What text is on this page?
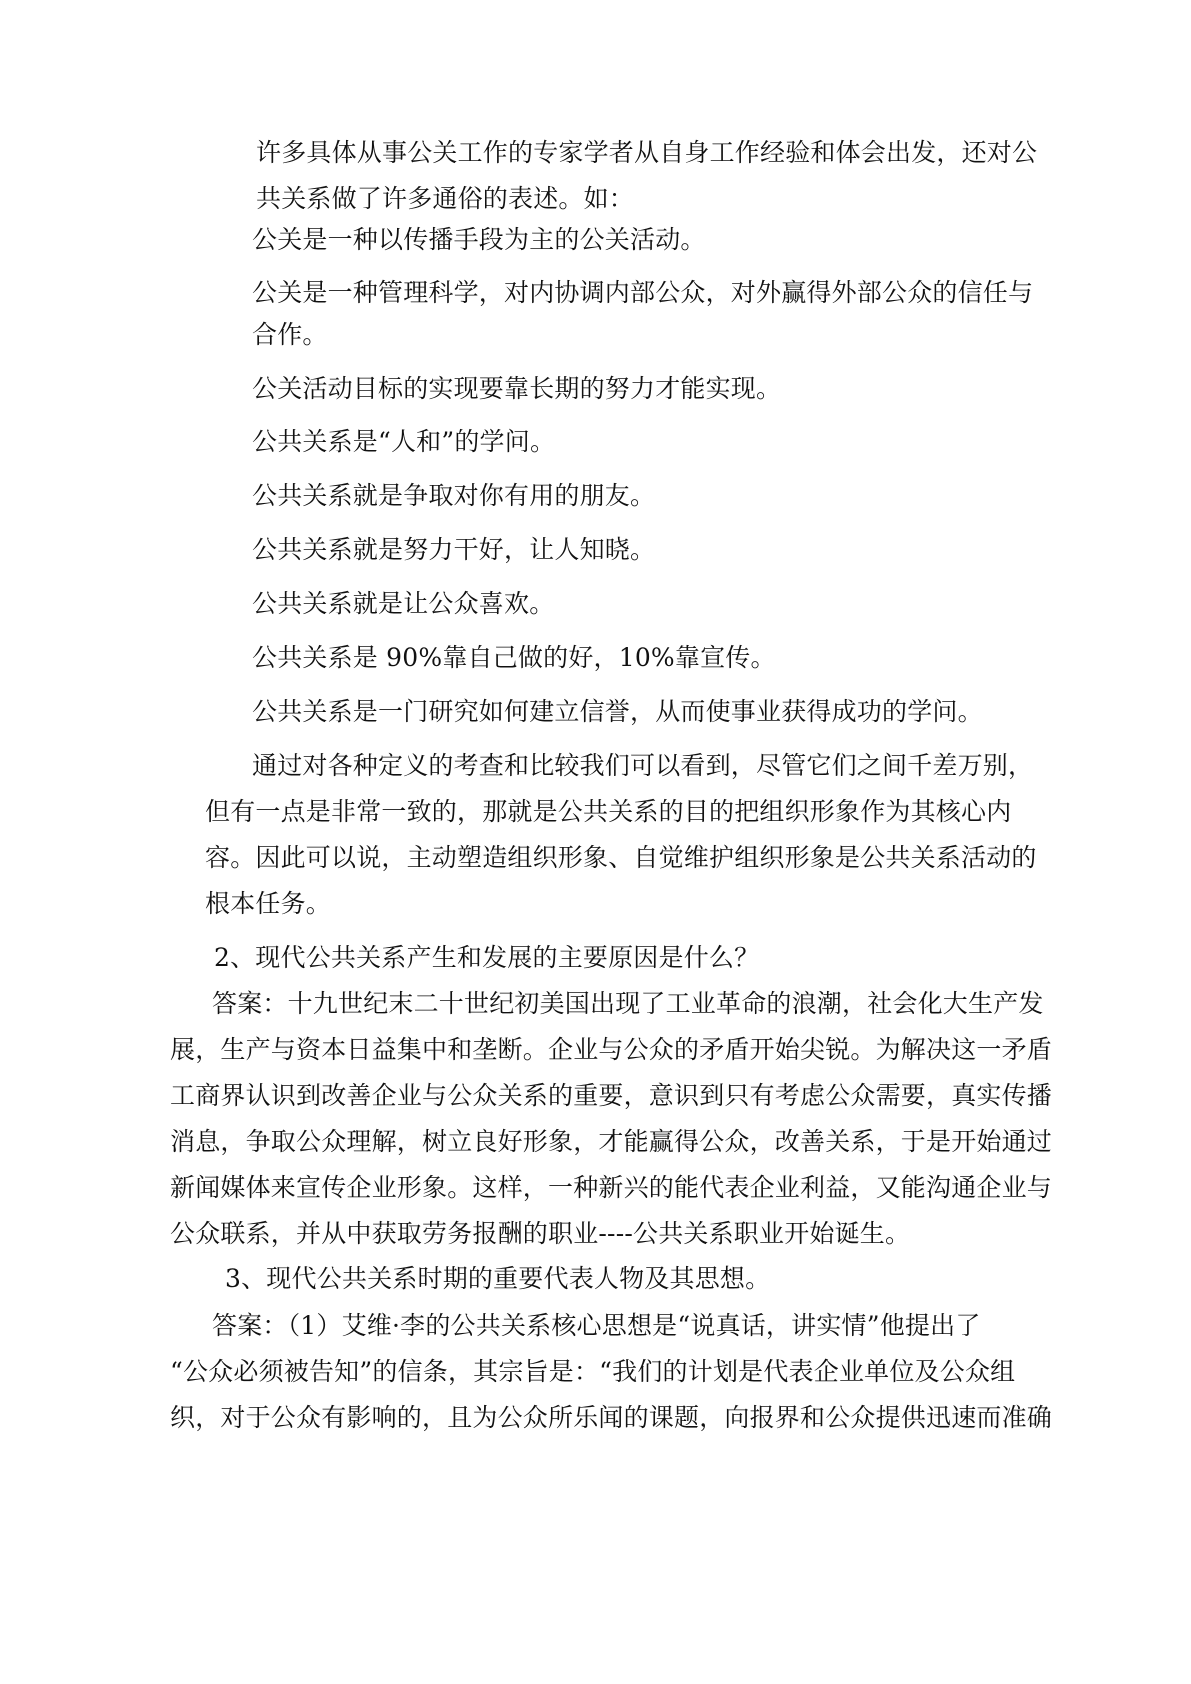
许多具体从事公关工作的专家学者从自身工作经验和体会出发，还对公

共关系做了许多通俗的表述。如：

公关是一种以传播手段为主的公关活动。

公关是一种管理科学，对内协调内部公众，对外赢得外部公众的信任与

合作。

公关活动目标的实现要靠长期的努力才能实现。

公共关系是“人和”的学问。

公共关系就是争取对你有用的朋友。

公共关系就是努力干好，让人知晓。

公共关系就是让公众喜欢。

公共关系是 90%靠自己做的好，10%靠宣传。

公共关系是一门研究如何建立信誉，从而使事业获得成功的学问。

通过对各种定义的考查和比较我们可以看到，尽管它们之间千差万别，

但有一点是非常一致的，那就是公共关系的目的把组织形象作为其核心内

容。因此可以说，主动塑造组织形象、自觉维护组织形象是公共关系活动的

根本任务。

2、现代公共关系产生和发展的主要原因是什么？

答案：十九世纪末二十世纪初美国出现了工业革命的浪潮，社会化大生产发

展，生产与资本日益集中和垄断。企业与公众的矛盾开始尖锐。为解决这一矛盾

工商界认识到改善企业与公众关系的重要，意识到只有考虑公众需要，真实传播

消息，争取公众理解，树立良好形象，才能赢得公众，改善关系，于是开始通过

新闻媒体来宣传企业形象。这样，一种新兴的能代表企业利益，又能沟通企业与

公众联系，并从中获取劳务报酬的职业----公共关系职业开始诞生。

3、现代公共关系时期的重要代表人物及其思想。

答案：（1）艾维·李的公共关系核心思想是“说真话，讲实情”他提出了

“公众必须被告知”的信条，其宗旨是：“我们的计划是代表企业单位及公众组

织，对于公众有影响的，且为公众所乐闻的课题，向报界和公众提供迅速而准确
